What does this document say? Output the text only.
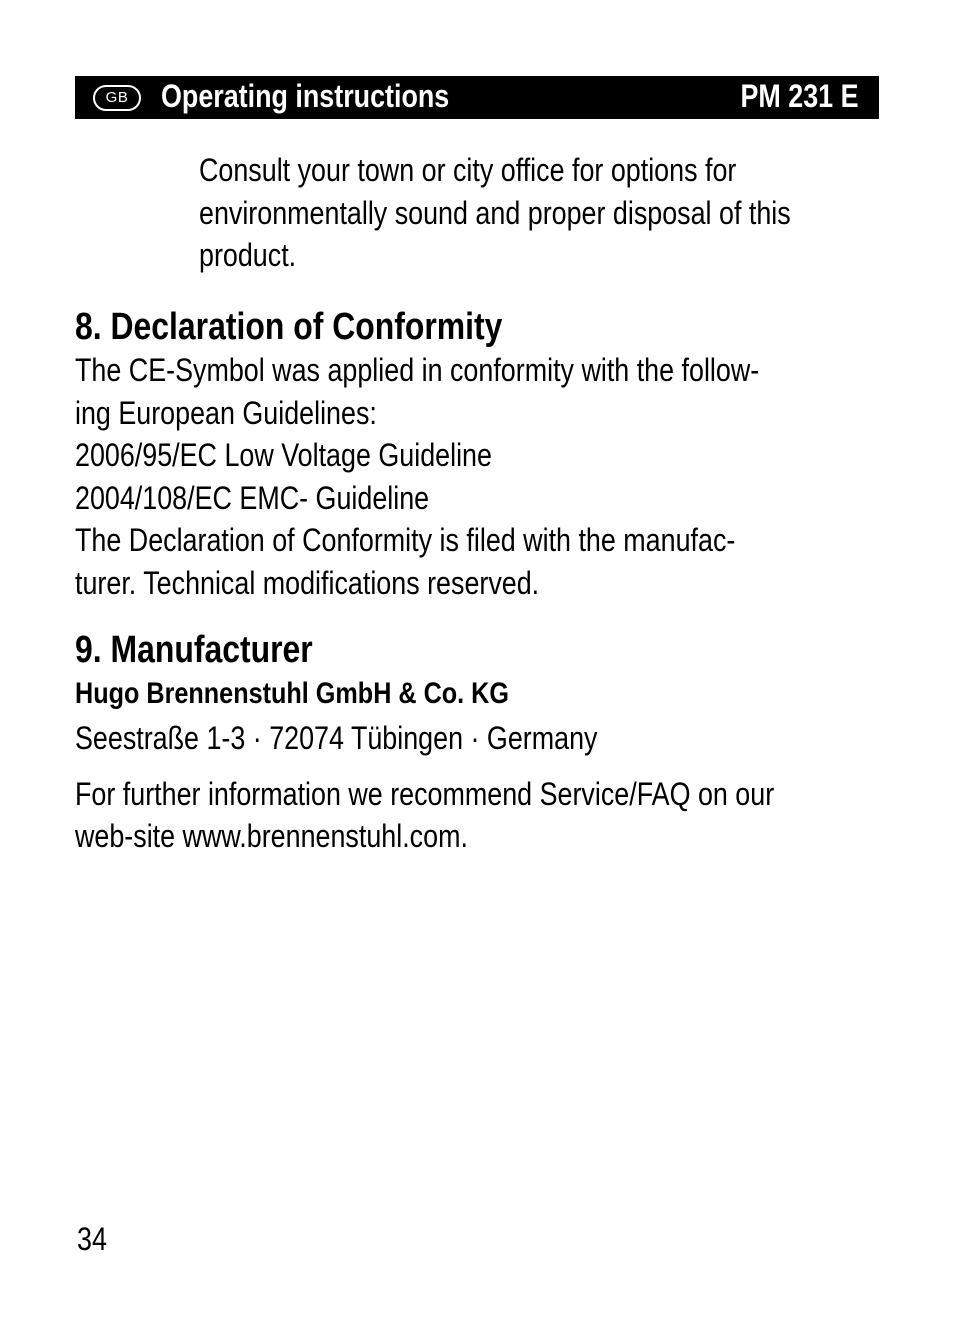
GB	Operating instructions	PM 231 E
Consult your town or city office for options for
environmentally sound and proper disposal of this
product.
8. Declaration of Conformity
The CE-Symbol was applied in conformity with the follow-
ing European Guidelines:
2006/95/EC Low Voltage Guideline
2004/108/EC EMC- Guideline
The Declaration of Conformity is filed with the manufac-
turer. Technical modifications reserved.
9. Manufacturer
Hugo Brennenstuhl GmbH & Co. KG
Seestraße 1-3 · 72074 Tübingen · Germany
For further information we recommend Service/FAQ on our
web-site www.brennenstuhl.com.
34
